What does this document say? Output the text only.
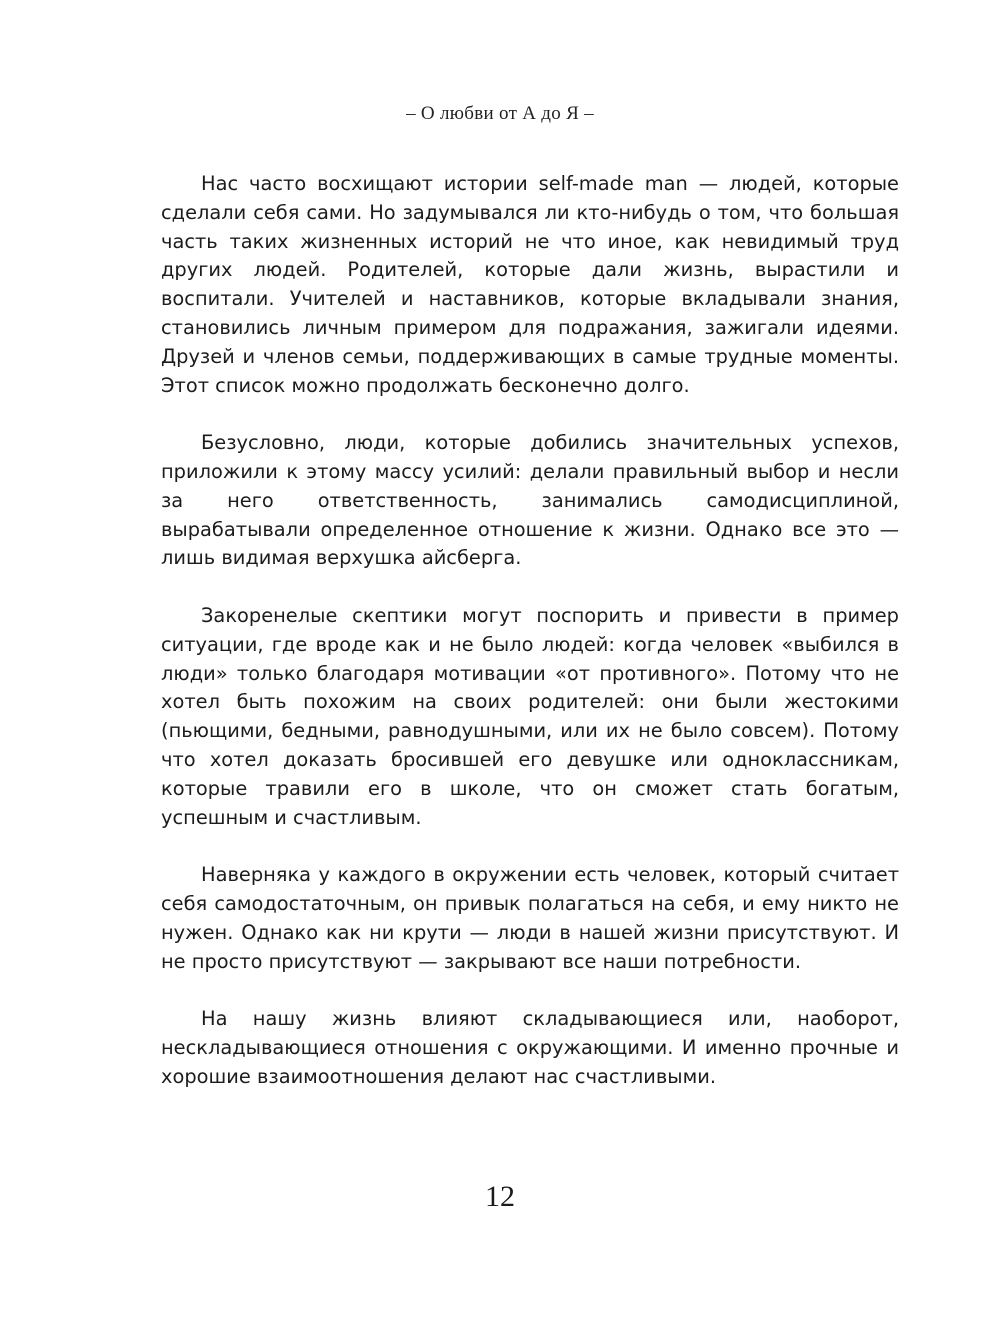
– О любви от А до Я –

Нас часто восхищают истории self-made man — людей, которые сделали себя сами. Но задумывался ли кто-нибудь о том, что большая часть таких жизненных историй не что иное, как невидимый труд других людей. Родителей, которые дали жизнь, вырастили и воспитали. Учителей и наставников, которые вкладывали знания, становились личным примером для подражания, зажигали идеями. Друзей и членов семьи, поддерживающих в самые трудные моменты. Этот список можно продолжать бесконечно долго.

Безусловно, люди, которые добились значительных успехов, приложили к этому массу усилий: делали правильный выбор и несли за него ответственность, занимались самодисциплиной, вырабатывали определенное отношение к жизни. Однако все это — лишь видимая верхушка айсберга.

Закоренелые скептики могут поспорить и привести в пример ситуации, где вроде как и не было людей: когда человек «выбился в люди» только благодаря мотивации «от противного». Потому что не хотел быть похожим на своих родителей: они были жестокими (пьющими, бедными, равнодушными, или их не было совсем). Потому что хотел доказать бросившей его девушке или одноклассникам, которые травили его в школе, что он сможет стать богатым, успешным и счастливым.

Наверняка у каждого в окружении есть человек, который считает себя самодостаточным, он привык полагаться на себя, и ему никто не нужен. Однако как ни крути — люди в нашей жизни присутствуют. И не просто присутствуют — закрывают все наши потребности.

На нашу жизнь влияют складывающиеся или, наоборот, нескладывающиеся отношения с окружающими. И именно прочные и хорошие взаимоотношения делают нас счастливыми.

12
